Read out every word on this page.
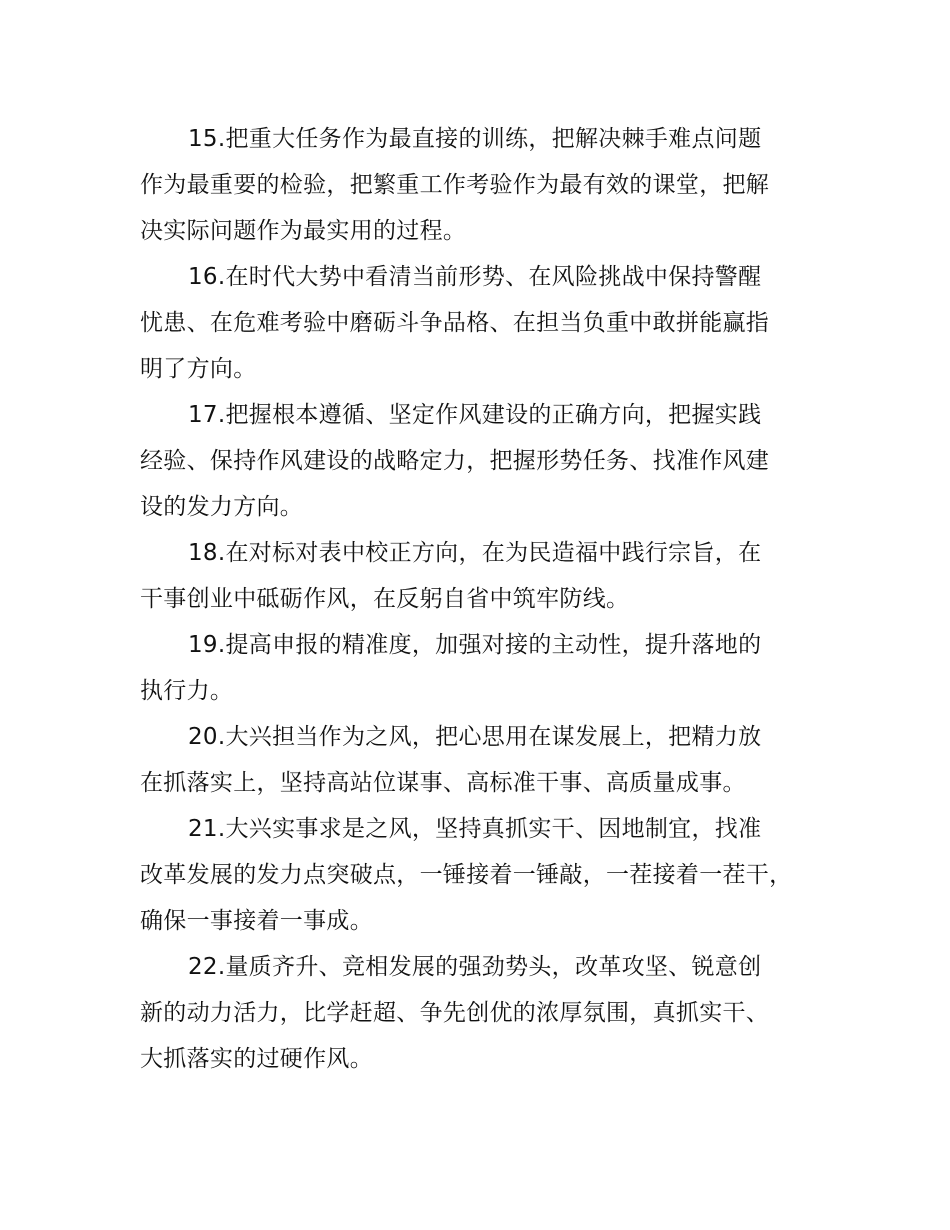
15.把重大任务作为最直接的训练，把解决棘手难点问题
作为最重要的检验，把繁重工作考验作为最有效的课堂，把解
决实际问题作为最实用的过程。
16.在时代大势中看清当前形势、在风险挑战中保持警醒
忧患、在危难考验中磨砺斗争品格、在担当负重中敢拼能赢指
明了方向。
17.把握根本遵循、坚定作风建设的正确方向，把握实践
经验、保持作风建设的战略定力，把握形势任务、找准作风建
设的发力方向。
18.在对标对表中校正方向，在为民造福中践行宗旨，在
干事创业中砥砺作风，在反躬自省中筑牢防线。
19.提高申报的精准度，加强对接的主动性，提升落地的
执行力。
20.大兴担当作为之风，把心思用在谋发展上，把精力放
在抓落实上，坚持高站位谋事、高标准干事、高质量成事。
21.大兴实事求是之风，坚持真抓实干、因地制宜，找准
改革发展的发力点突破点，一锤接着一锤敲，一茬接着一茬干，
确保一事接着一事成。
22.量质齐升、竞相发展的强劲势头，改革攻坚、锐意创
新的动力活力，比学赶超、争先创优的浓厚氛围，真抓实干、
大抓落实的过硬作风。
